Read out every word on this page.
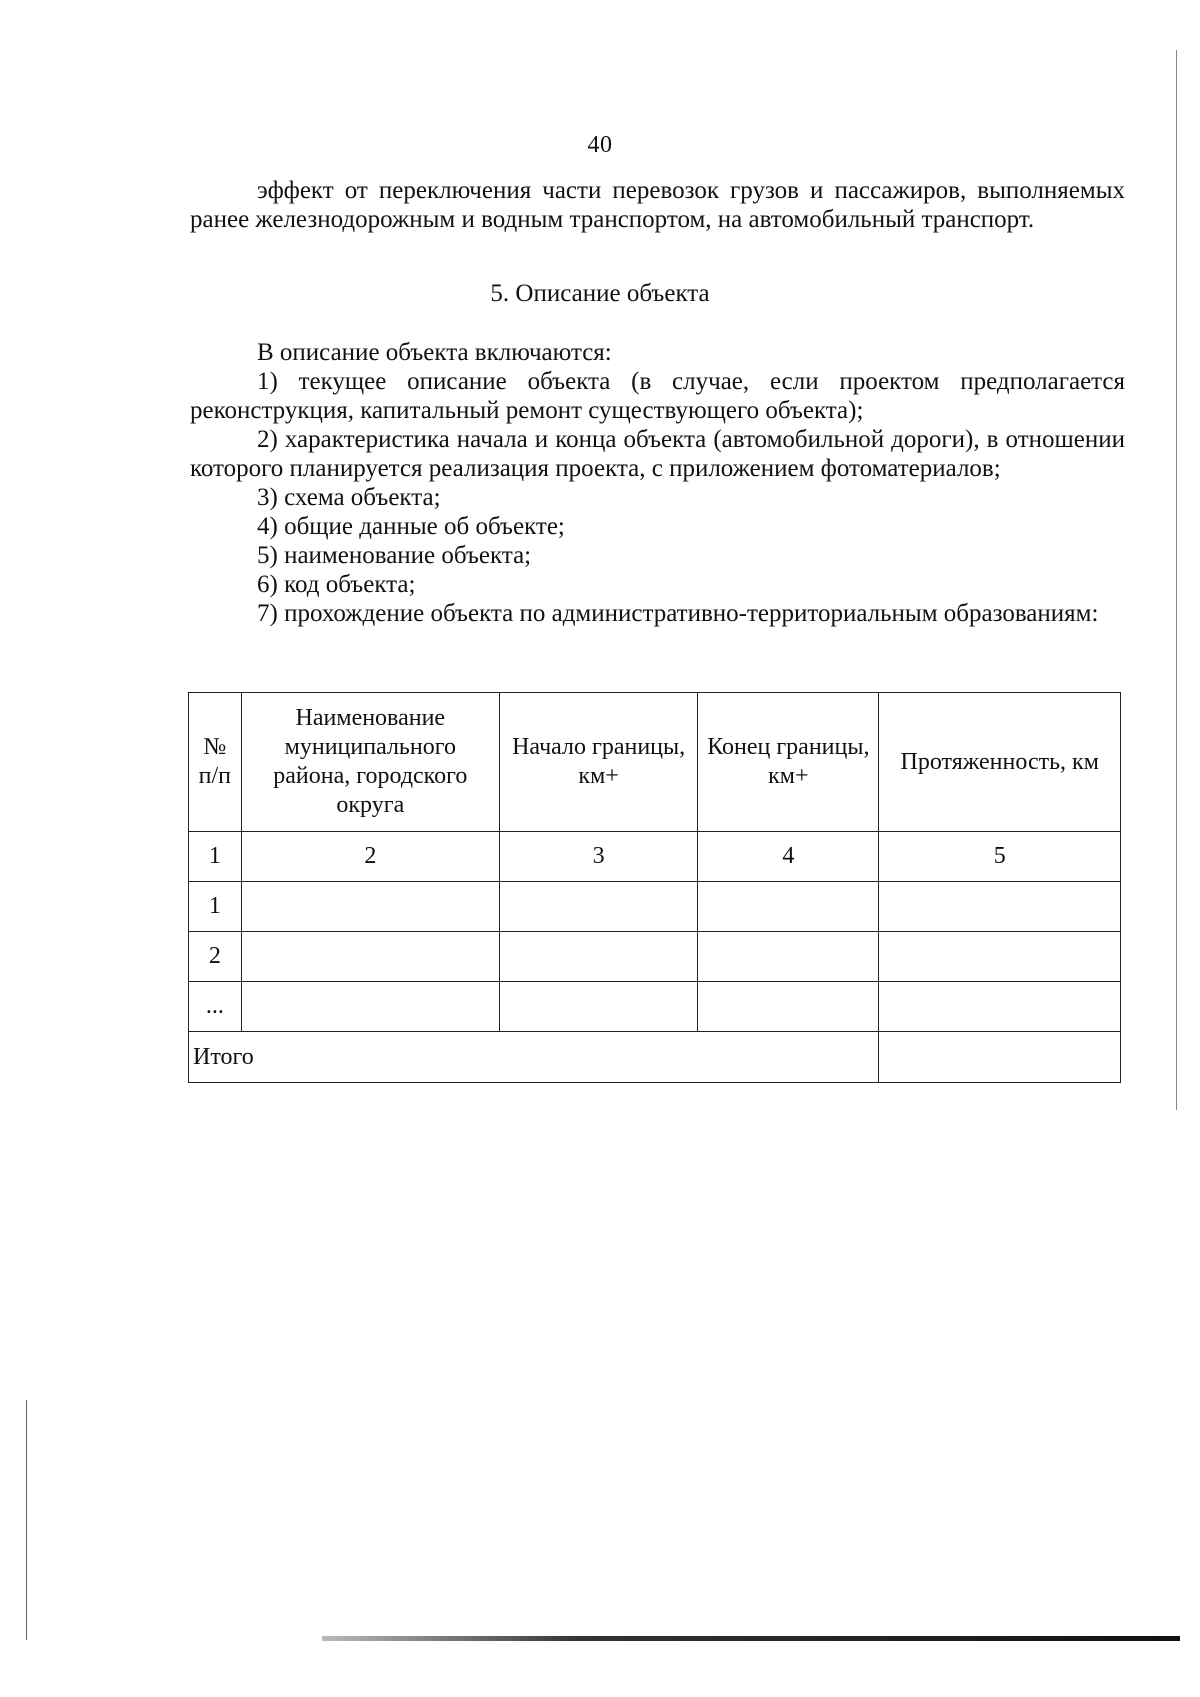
40

эффект от переключения части перевозок грузов и пассажиров, выполняемых ранее железнодорожным и водным транспортом, на автомобильный транспорт.

5. Описание объекта

В описание объекта включаются:

1) текущее описание объекта (в случае, если проектом предполагается реконструкция, капитальный ремонт существующего объекта);

2) характеристика начала и конца объекта (автомобильной дороги), в отношении которого планируется реализация проекта, с приложением фотоматериалов;

3) схема объекта;

4) общие данные об объекте;

5) наименование объекта;

6) код объекта;

7) прохождение объекта по административно-территориальным образованиям:

№ п/п	Наименование муниципального района, городского округа	Начало границы, км+	Конец границы, км+	Протяженность, км
1	2	3	4	5
1				
2				
...				
Итого				
